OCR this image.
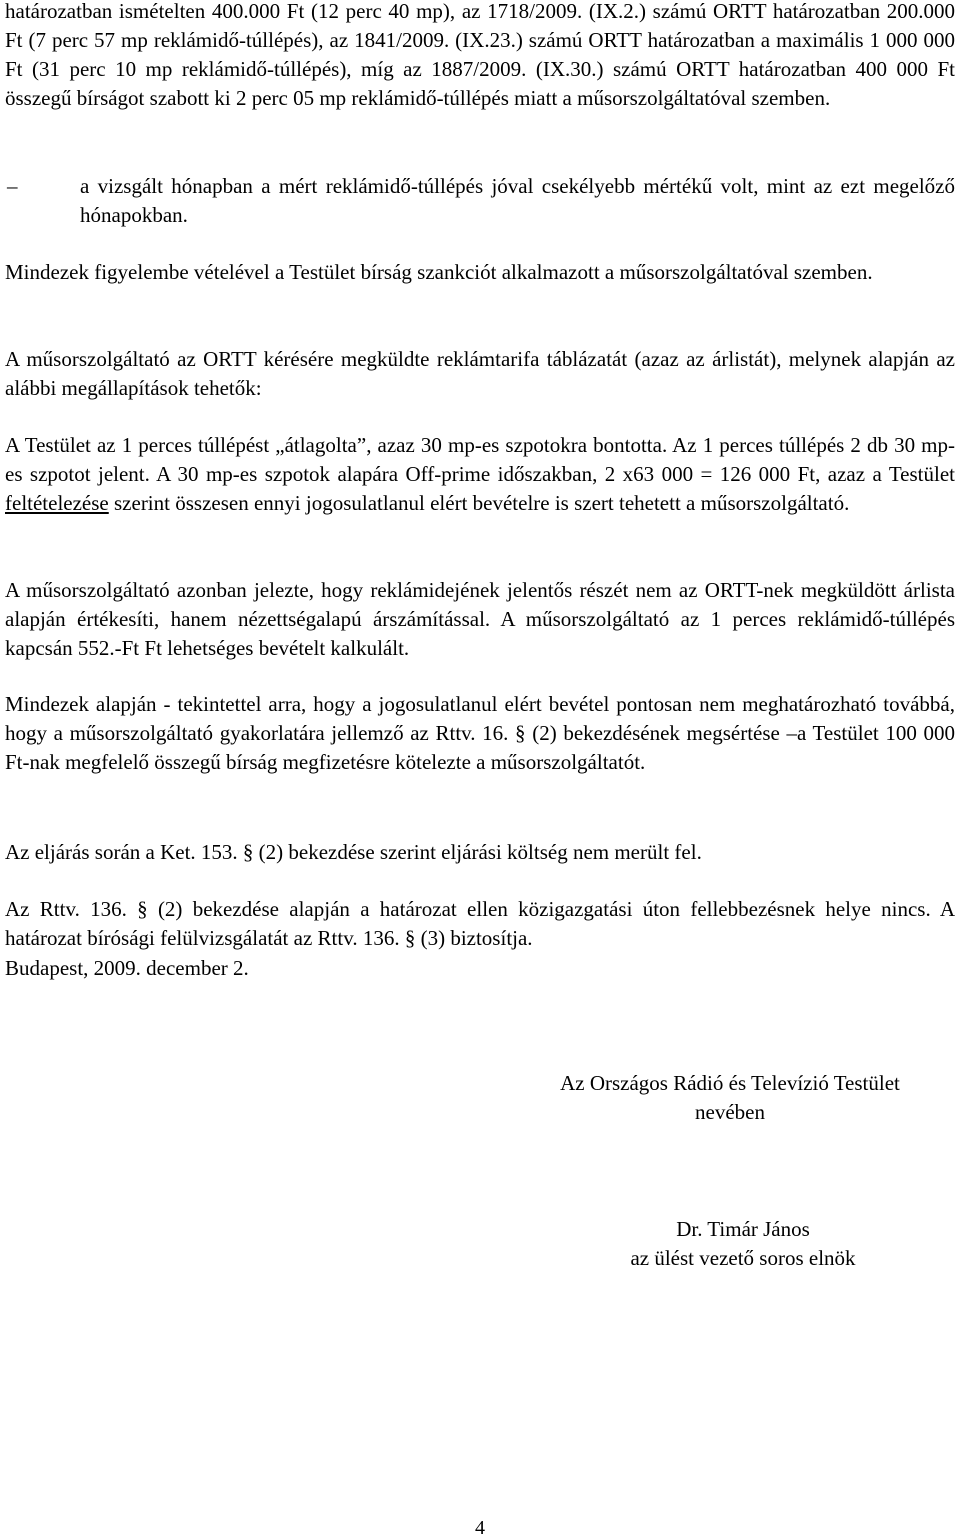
határozatban ismételten 400.000 Ft (12 perc 40 mp), az 1718/2009. (IX.2.) számú ORTT határozatban 200.000 Ft (7 perc 57 mp reklámidő-túllépés), az 1841/2009. (IX.23.) számú ORTT határozatban a maximális 1 000 000 Ft (31 perc 10 mp reklámidő-túllépés), míg az 1887/2009. (IX.30.) számú ORTT határozatban 400 000 Ft összegű bírságot szabott ki 2 perc 05 mp reklámidő-túllépés miatt a műsorszolgáltatóval szemben.

–	a vizsgált hónapban a mért reklámidő-túllépés jóval csekélyebb mértékű volt, mint az ezt megelőző hónapokban.

Mindezek figyelembe vételével a Testület bírság szankciót alkalmazott a műsorszolgáltatóval szemben.

A műsorszolgáltató az ORTT kérésére megküldte reklámtarifa táblázatát (azaz az árlistát), melynek alapján az alábbi megállapítások tehetők:

A Testület az 1 perces túllépést „átlagolta”, azaz 30 mp-es szpotokra bontotta. Az 1 perces túllépés 2 db 30 mp-es szpotot jelent. A 30 mp-es szpotok alapára Off-prime időszakban, 2 x63 000 = 126 000 Ft, azaz a Testület feltételezése szerint összesen ennyi jogosulatlanul elért bevételre is szert tehetett a műsorszolgáltató.

A műsorszolgáltató azonban jelezte, hogy reklámidejének jelentős részét nem az ORTT-nek megküldött árlista alapján értékesíti, hanem nézettségalapú árszámítással. A műsorszolgáltató az 1 perces reklámidő-túllépés kapcsán 552.-Ft Ft lehetséges bevételt kalkulált.

Mindezek alapján - tekintettel arra, hogy a jogosulatlanul elért bevétel pontosan nem meghatározható továbbá, hogy a műsorszolgáltató gyakorlatára jellemző az Rttv. 16. § (2) bekezdésének megsértése –a Testület 100 000 Ft-nak megfelelő összegű bírság megfizetésre kötelezte a műsorszolgáltatót.

Az eljárás során a Ket. 153. § (2) bekezdése szerint eljárási költség nem merült fel.

Az Rttv. 136. § (2) bekezdése alapján a határozat ellen közigazgatási úton fellebbezésnek helye nincs. A határozat bírósági felülvizsgálatát az Rttv. 136. § (3) biztosítja.

Budapest, 2009. december 2.

Az Országos Rádió és Televízió Testület
nevében
Dr. Timár János
az ülést vezető soros elnök
4
